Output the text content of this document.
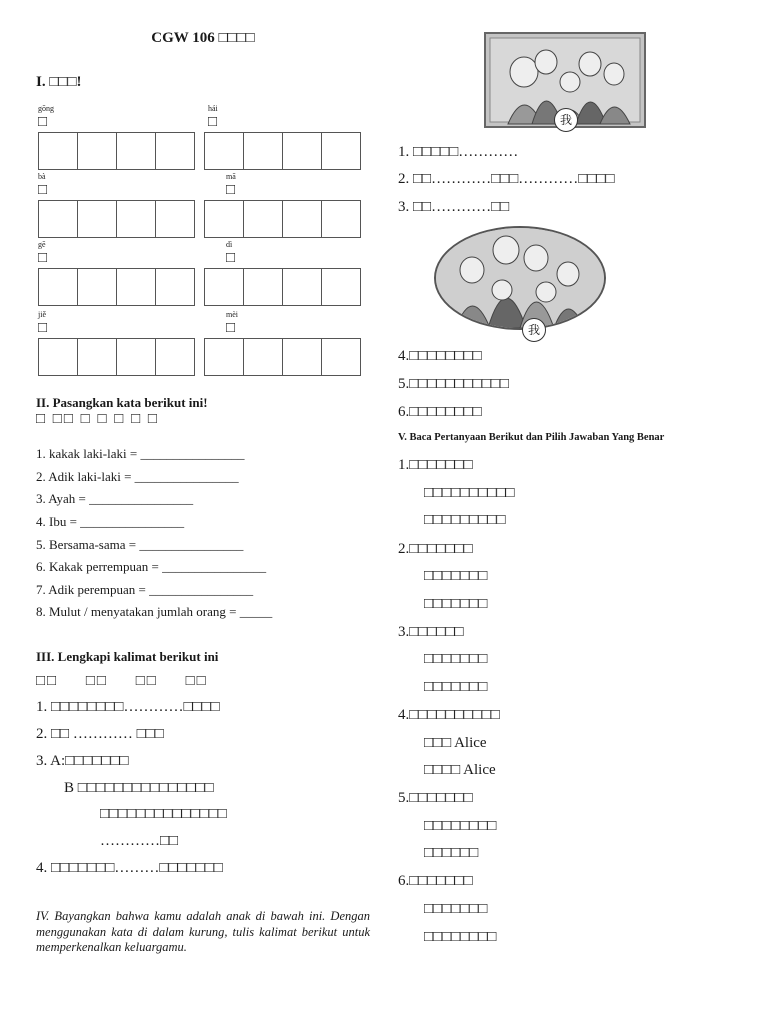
CGW 106 □□□□
I. □□□!
gōng
□
hái
□
bà
□
mā
□
gē
□
dì
□
jiě
□
mèi
□
II. Pasangkan kata berikut ini!
□ □□ □ □ □ □ □
1. kakak laki-laki = ________________
2. Adik laki-laki = ________________
3. Ayah = ________________
4. Ibu = ________________
5. Bersama-sama = ________________
6. Kakak perrempuan = ________________
7. Adik perempuan = ________________
8. Mulut / menyatakan jumlah orang = _____
III. Lengkapi kalimat berikut ini
□□ □□ □□ □□
1. □□□□□□□□…………□□□□
2. □□ ………… □□□
3. A:□□□□□□□
B □□□□□□□□□□□□□□□
□□□□□□□□□□□□□□
…………□□
4. □□□□□□□………□□□□□□□
IV. Bayangkan bahwa kamu adalah anak di bawah ini. Dengan menggunakan kata di dalam kurung, tulis kalimat berikut untuk memperkenalkan keluargamu.
我
1. □□□□□…………
2. □□…………□□□…………□□□□
3. □□…………□□
我
4.□□□□□□□□
5.□□□□□□□□□□□
6.□□□□□□□□
V. Baca Pertanyaan Berikut dan Pilih Jawaban Yang Benar
1.□□□□□□□
□□□□□□□□□□
□□□□□□□□□
2.□□□□□□□
□□□□□□□
□□□□□□□
3.□□□□□□
□□□□□□□
□□□□□□□
4.□□□□□□□□□□
□□□ Alice
□□□□ Alice
5.□□□□□□□
□□□□□□□□
□□□□□□
6.□□□□□□□
□□□□□□□
□□□□□□□□
